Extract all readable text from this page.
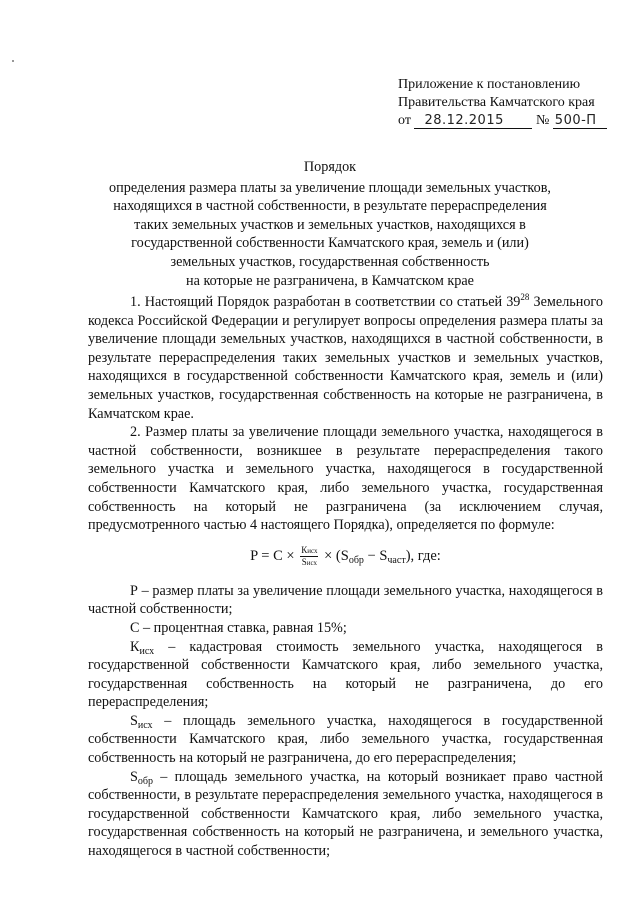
Приложение к постановлению
Правительства Камчатского края
от 28.12.2015 № 500-П
Порядок
определения размера платы за увеличение площади земельных участков,
находящихся в частной собственности, в результате перераспределения
таких земельных участков и земельных участков, находящихся в
государственной собственности Камчатского края, земель и (или)
земельных участков, государственная собственность
на которые не разграничена, в Камчатском крае

1. Настоящий Порядок разработан в соответствии со статьей $39^{28}$ Земельного кодекса Российской Федерации и регулирует вопросы определения размера платы за увеличение площади земельных участков, находящихся в частной собственности, в результате перераспределения таких земельных участков и земельных участков, находящихся в государственной собственности Камчатского края, земель и (или) земельных участков, государственная собственность на которые не разграничена, в Камчатском крае.

2. Размер платы за увеличение площади земельного участка, находящегося в частной собственности, возникшее в результате перераспределения такого земельного участка и земельного участка, находящегося в государственной собственности Камчатского края, либо земельного участка, государственная собственность на который не разграничена (за исключением случая, предусмотренного частью 4 настоящего Порядка), определяется по формуле:

$P = C \times \frac{\text{Кисх}}{\text{Sисх}} \times (S_{обр} - S_{част})$, где:

Р – размер платы за увеличение площади земельного участка, находящегося в частной собственности;

С – процентная ставка, равная 15%;

$К_{исх}$ – кадастровая стоимость земельного участка, находящегося в государственной собственности Камчатского края, либо земельного участка, государственная собственность на который не разграничена, до его перераспределения;

$S_{исх}$ – площадь земельного участка, находящегося в государственной собственности Камчатского края, либо земельного участка, государственная собственность на который не разграничена, до его перераспределения;

$S_{обр}$ – площадь земельного участка, на который возникает право частной собственности, в результате перераспределения земельного участка, находящегося в государственной собственности Камчатского края, либо земельного участка, государственная собственность на который не разграничена, и земельного участка, находящегося в частной собственности;
